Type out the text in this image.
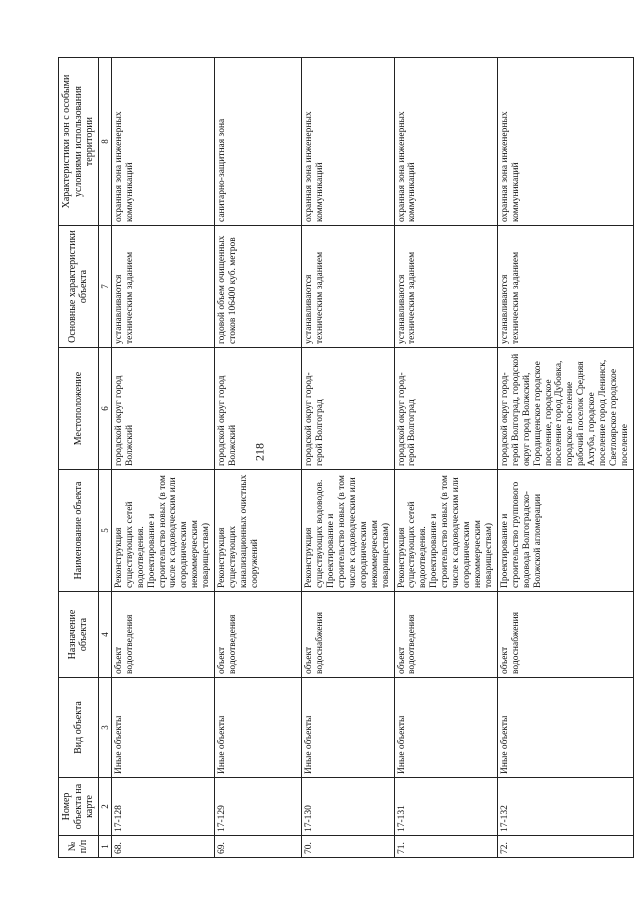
218
№ п/п	Номер объекта на карте	Вид объекта	Назначение объекта	Наименование объекта	Местоположение	Основные характеристики объекта	Характеристики зон с особыми условиями использования территории
1	2	3	4	5	6	7	8
68.	17-128	Иные объекты	объект водоотведения	Реконструкция существующих сетей водоотведения. Проектирование и строительство новых (в том числе к садоводческим или огородническим некоммерческим товариществам)	городской округ город Волжский	устанавливаются техническим заданием	охранная зона инженерных коммуникаций
69.	17-129	Иные объекты	объект водоотведения	Реконструкция существующих канализационных очистных сооружений	городской округ город Волжский	годовой объем очищенных стоков 106400 куб. метров	санитарно-защитная зона
70.	17-130	Иные объекты	объект водоснабжения	Реконструкция существующих водоводов. Проектирование и строительство новых (в том числе к садоводческим или огородническим некоммерческим товариществам)	городской округ город-герой Волгоград	устанавливаются техническим заданием	охранная зона инженерных коммуникаций
71.	17-131	Иные объекты	объект водоотведения	Реконструкция существующих сетей водоотведения. Проектирование и строительство новых (в том числе к садоводческим или огородническим некоммерческим товариществам)	городской округ город-герой Волгоград	устанавливаются техническим заданием	охранная зона инженерных коммуникаций
72.	17-132	Иные объекты	объект водоснабжения	Проектирование и строительство группового водовода Волгоградско-Волжской агломерации	городской округ город-герой Волгоград, городской округ город Волжский, Городищенское городское поселение, городское поселение город Дубовка, городское поселение рабочий поселок Средняя Ахтуба, городское поселение город Ленинск, Светлоярское городское поселение	устанавливаются техническим заданием	охранная зона инженерных коммуникаций
